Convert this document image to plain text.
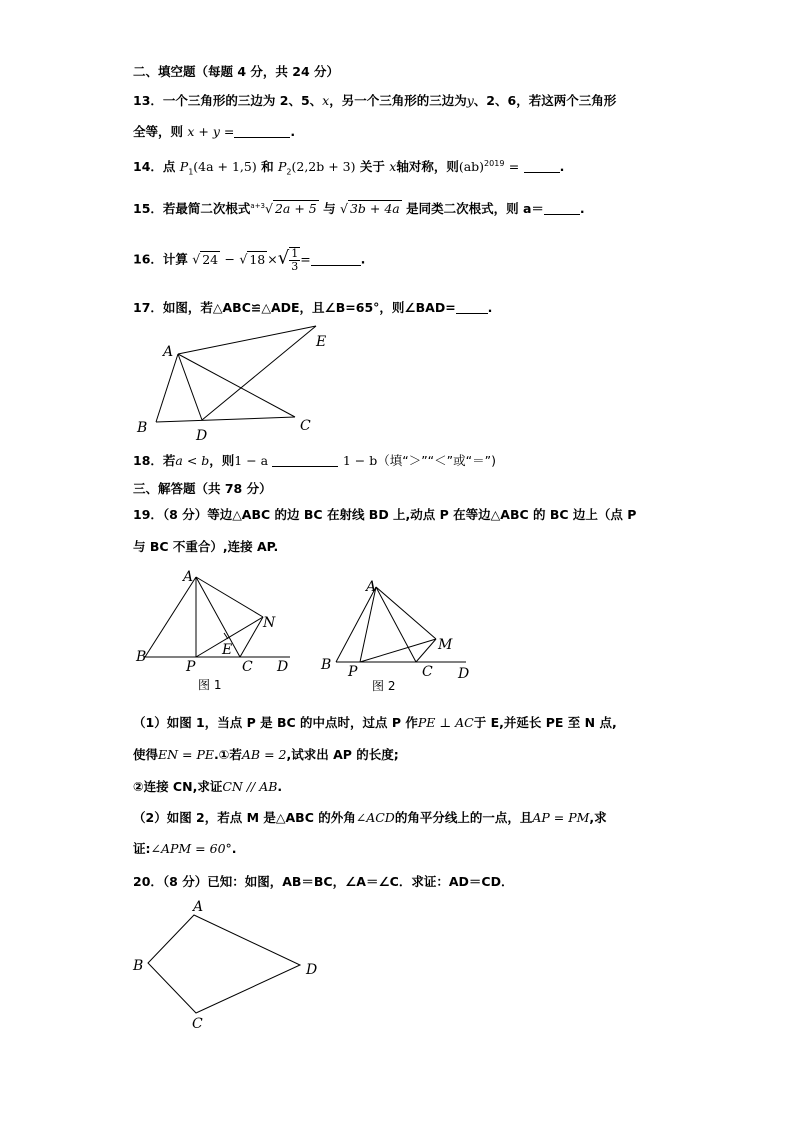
二、填空题（每题 4 分，共 24 分）
13．一个三角形的三边为 2、5、x，另一个三角形的三边为y、2、6，若这两个三角形
全等，则 x + y =	.
14．点 $P_1(4a + 1,5)$ 和 $P_2(2,2b + 3)$ 关于 x轴对称，则(ab)$^{2019}$ =	.
15．若最简二次根式$^{a+3}$√ 2a + 5 与 √ 3b + 4a 是同类二次根式，则 a＝	.
16．计算 √ 24 − √ 18 ×√ $\frac{1}{3}$ =	.
17．如图，若△ABC≌△ADE，且∠B=65°，则∠BAD=	.
A
B	C
D
E
18．若a < b，则1 − a	1 − b（填“＞”“＜”或“＝”)
三、解答题（共 78 分）
19．（8 分）等边△ABC 的边 BC 在射线 BD 上,动点 P 在等边△ABC 的 BC 边上（点 P
与 BC 不重合）,连接 AP.
A
B
P
E
C D
N
图 1
A
B P	C D
M
图 2
（1）如图 1，当点 P 是 BC 的中点时，过点 P 作PE ⊥ AC于 E,并延长 PE 至 N 点,
使得EN = PE.①若AB = 2,试求出 AP 的长度;
②连接 CN,求证CN // AB.
（2）如图 2，若点 M 是△ABC 的外角∠ACD的角平分线上的一点，且AP = PM,求
证:∠APM = 60°.
20．（8 分）已知：如图，AB＝BC，∠A＝∠C．求证：AD＝CD．
A
B
C
D
